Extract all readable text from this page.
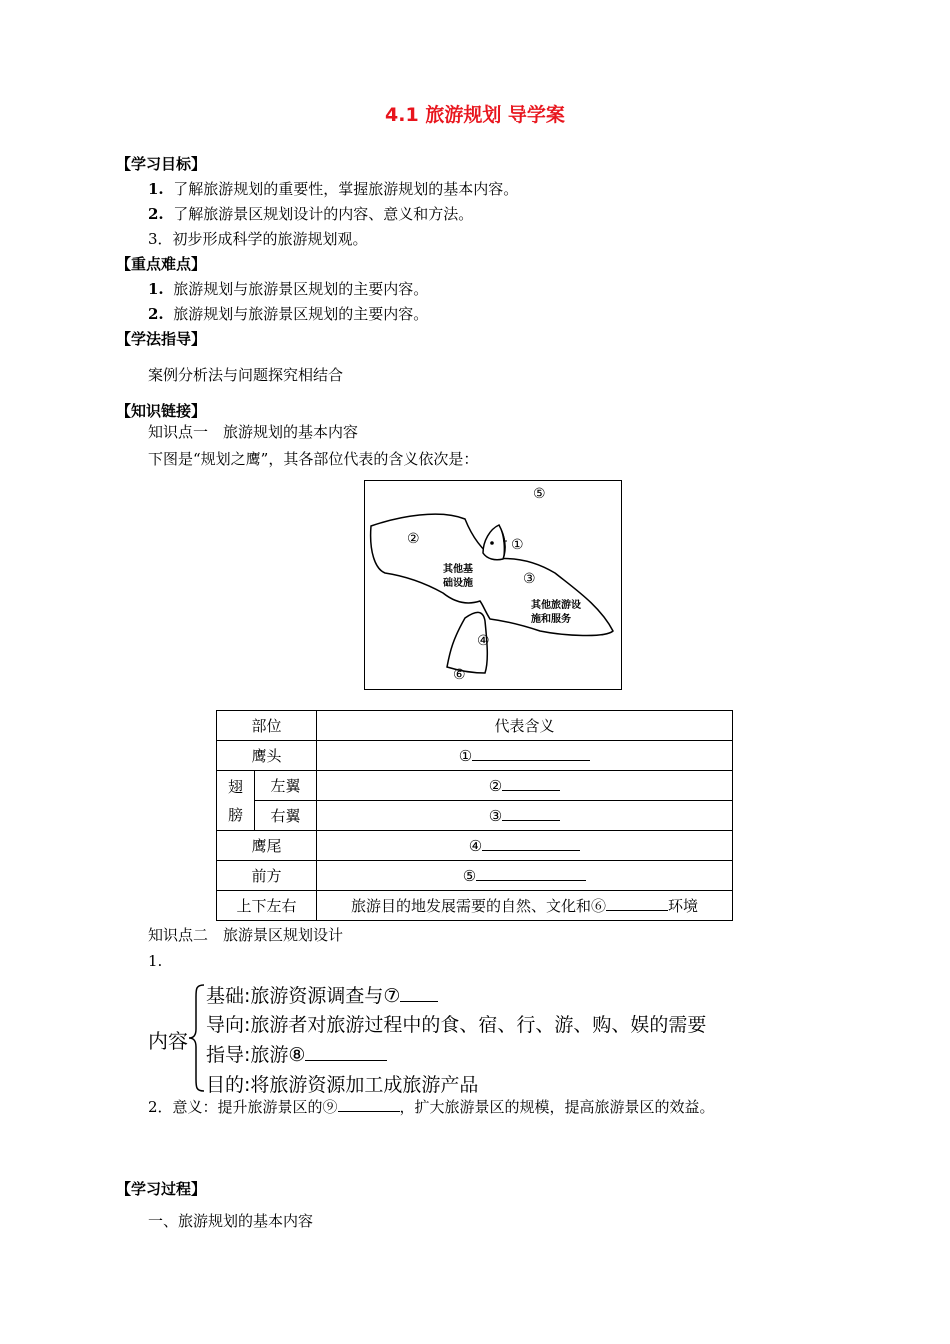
4.1 旅游规划 导学案
【学习目标】
1. 了解旅游规划的重要性，掌握旅游规划的基本内容。
2. 了解旅游景区规划设计的内容、意义和方法。
3．初步形成科学的旅游规划观。
【重点难点】
1. 旅游规划与旅游景区规划的主要内容。
2. 旅游规划与旅游景区规划的主要内容。
【学法指导】
案例分析法与问题探究相结合
【知识链接】
知识点一　旅游规划的基本内容
下图是“规划之鹰”，其各部位代表的含义依次是：
⑤
②	①
③
④
⑥
其他基
础设施
其他旅游设
施和服务
部位		代表含义
鹰头		①

翅膀	左翼	②
	右翼	③
鹰尾		④
前方		⑤
上下左右		旅游目的地发展需要的自然、文化和⑥ 环境
知识点二　旅游景区规划设计
1.
内容
基础:旅游资源调查与⑦
导向:旅游者对旅游过程中的食、宿、行、游、购、娱的需要
指导:旅游⑧
目的:将旅游资源加工成旅游产品
2．意义：提升旅游景区的⑨	，扩大旅游景区的规模，提高旅游景区的效益。
【学习过程】
一、旅游规划的基本内容
